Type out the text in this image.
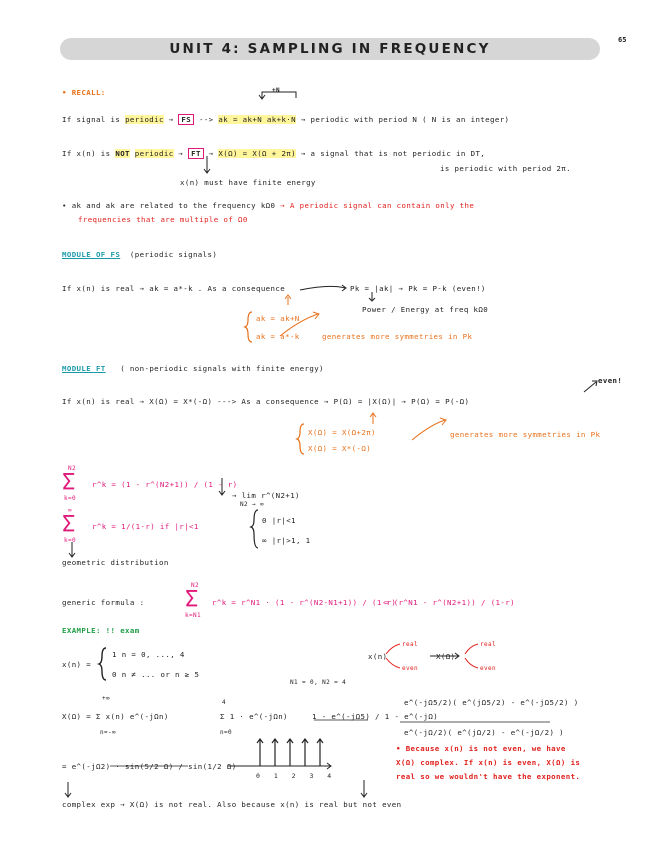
UNIT 4: SAMPLING IN FREQUENCY
65
• RECALL:
If signal is periodic → FS --> ak = ak+N ak+k·N → periodic with period N ( N is an integer)
+N
If x(n) is NOT periodic → FT → X(Ω) = X(Ω + 2π) → a signal that is not periodic in DT,
is periodic with period 2π.
x(n) must have finite energy
• ak and ak are related to the frequency kΩ0 → A periodic signal can contain only the
frequencies that are multiple of Ω0
MODULE OF FS (periodic signals)
If x(n) is real → ak = a*-k . As a consequence	Pk = |ak| → Pk = P-k (even!)
Power / Energy at freq kΩ0
ak = ak+N
ak = a*-k	generates more symmetries in Pk
MODULE FT ( non-periodic signals with finite energy)
If x(n) is real → X(Ω) = X*(-Ω) ---> As a consequence → P(Ω) = |X(Ω)| → P(Ω) = P(-Ω)
even!
X(Ω) = X(Ω+2π)
X(Ω) = X*(-Ω)
generates more symmetries in Pk
Σ
N2
k=0
r^k = (1 - r^(N2+1)) / (1 - r)
Σ
∞
k=0
r^k = 1/(1-r) if |r|<1
→ lim r^(N2+1)
N2 → ∞
0 |r|<1
∞ |r|>1, 1
geometric distribution
generic formula : Σ
N2
k=N1
r^k = r^N1 · (1 - r^(N2-N1+1)) / (1-r)
= (r^N1 - r^(N2+1)) / (1-r)
EXAMPLE: !! exam
x(n) =
1 n = 0, ..., 4
0 n ≠ ... or n ≥ 5
x(n)
real
even
X(Ω)
real
even
X(Ω) = Σ x(n) e^(-jΩn)
+∞
n=-∞
Σ 1 · e^(-jΩn)
4
n=0
N1 = 0, N2 = 4
1 - e^(-jΩ5) / 1 - e^(-jΩ)
e^(-jΩ5/2)( e^(jΩ5/2) - e^(-jΩ5/2) )
e^(-jΩ/2)( e^(jΩ/2) - e^(-jΩ/2) )
= e^(-jΩ2) · sin(5/2 Ω) / sin(1/2 Ω)
0 1 2 3 4
• Because x(n) is not even, we have
X(Ω) complex. If x(n) is even, X(Ω) is
real so we wouldn't have the exponent.
complex exp → X(Ω) is not real. Also because x(n) is real but not even
